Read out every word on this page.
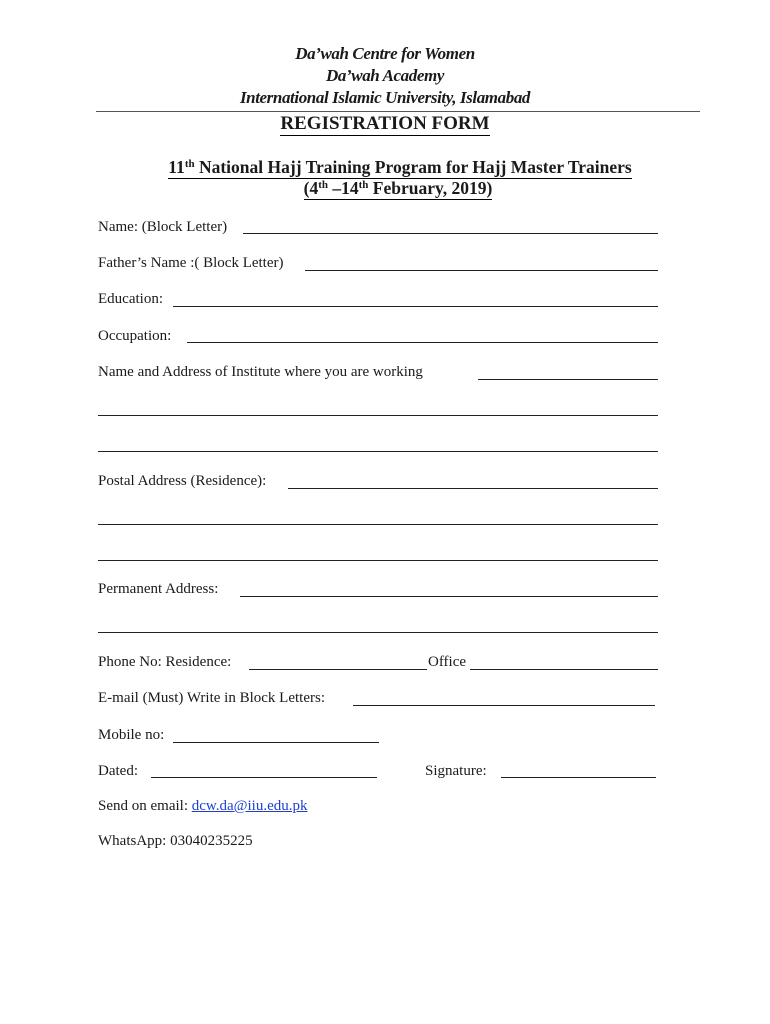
Da’wah Centre for Women
Da’wah Academy
International Islamic University, Islamabad
REGISTRATION FORM
11th National Hajj Training Program for Hajj Master Trainers
(4th –14th February, 2019)
Name: (Block Letter)
Father’s Name :( Block Letter)
Education:
Occupation:
Name and Address of Institute where you are working
Postal Address (Residence):
Permanent Address:
Phone No: Residence:	Office
E-mail (Must) Write in Block Letters:
Mobile no:
Dated:	Signature:
Send on email: dcw.da@iiu.edu.pk
WhatsApp: 03040235225
